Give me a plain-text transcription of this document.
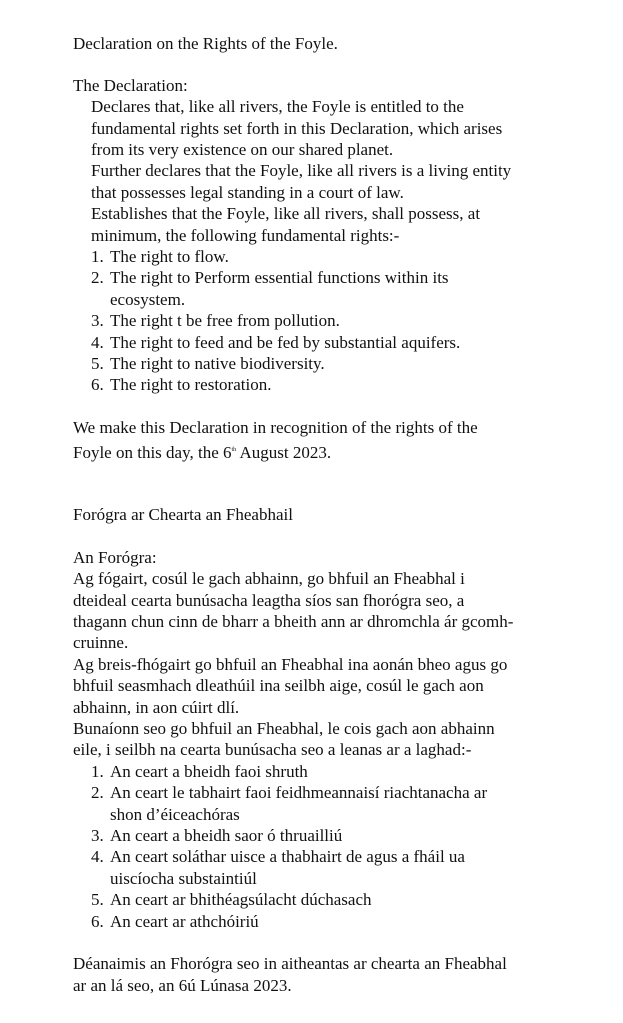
Declaration on the Rights of the Foyle.
The Declaration:
Declares that, like all rivers, the Foyle is entitled to the
fundamental rights set forth in this Declaration, which arises
from its very existence on our shared planet.
Further declares that the Foyle, like all rivers is a living entity
that possesses legal standing in a court of law.
Establishes that the Foyle, like all rivers, shall possess, at
minimum, the following fundamental rights:-
1. The right to flow.
2. The right to Perform essential functions within its
ecosystem.
3. The right t be free from pollution.
4. The right to feed and be fed by substantial aquifers.
5. The right to native biodiversity.
6. The right to restoration.
We make this Declaration in recognition of the rights of the
Foyle on this day, the 6th August 2023.
Forógra ar Chearta an Fheabhail
An Forógra:
Ag fógairt, cosúl le gach abhainn, go bhfuil an Fheabhal i
dteideal cearta bunúsacha leagtha síos san fhorógra seo, a
thagann chun cinn de bharr a bheith ann ar dhromchla ár gcomh-
cruinne.
Ag breis-fhógairt go bhfuil an Fheabhal ina aonán bheo agus go
bhfuil seasmhach dleathúil ina seilbh aige, cosúl le gach aon
abhainn, in aon cúirt dlí.
Bunaíonn seo go bhfuil an Fheabhal, le cois gach aon abhainn
eile, i seilbh na cearta bunúsacha seo a leanas ar a laghad:-
1. An ceart a bheidh faoi shruth
2. An ceart le tabhairt faoi feidhmeannaisí riachtanacha ar
shon d’éiceachóras
3. An ceart a bheidh saor ó thruailliú
4. An ceart soláthar uisce a thabhairt de agus a fháil ua
uiscíocha substaintiúl
5. An ceart ar bhithéagsúlacht dúchasach
6. An ceart ar athchóiriú
Déanaimis an Fhorógra seo in aitheantas ar chearta an Fheabhal
ar an lá seo, an 6ú Lúnasa 2023.
